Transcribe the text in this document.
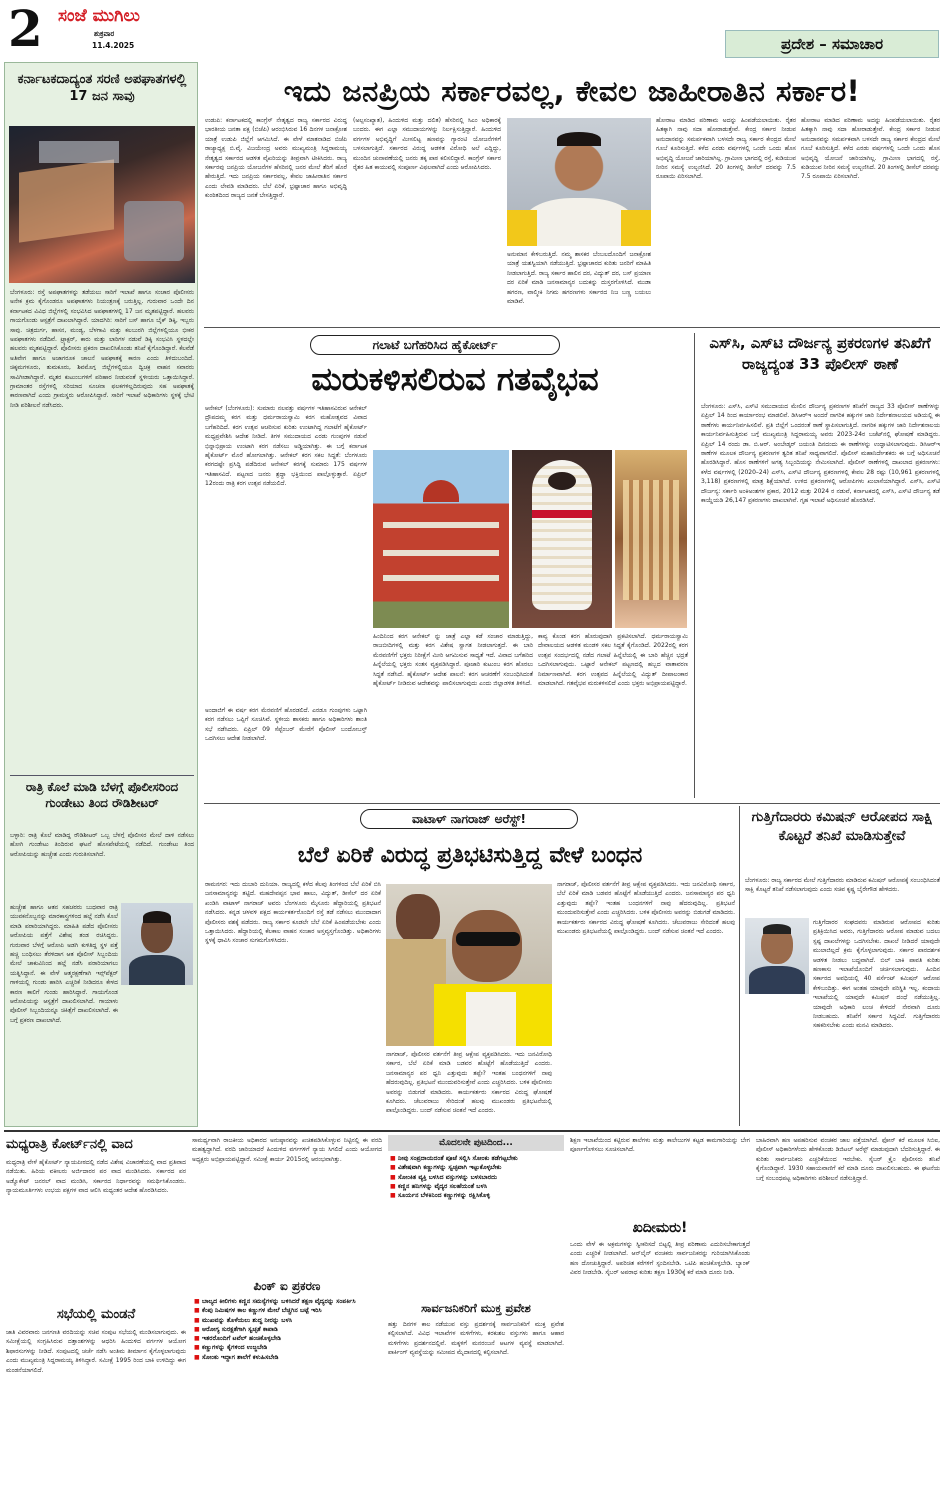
2 ಸಂಜೆ ಮುಗಿಲು
ಶುಕ್ರವಾರ
11.4.2025	ಪ್ರದೇಶ – ಸಮಾಚಾರ
ಕರ್ನಾಟಕದಾದ್ಯಂತ ಸರಣಿ ಅಪಘಾತಗಳಲ್ಲಿ 17 ಜನ ಸಾವು
ಬೆಂಗಳೂರು: ರಸ್ತೆ ಅಪಘಾತಗಳನ್ನು ತಡೆಯಲು ಸಾರಿಗೆ ಇಲಾಖೆ ಹಾಗೂ ಸಂಚಾರ ಪೊಲೀಸರು ಅನೇಕ ಕ್ರಮ ಕೈಗೊಂಡರೂ ಅಪಘಾತಗಳು ನಿಯಂತ್ರಣಕ್ಕೆ ಬರುತ್ತಿಲ್ಲ. ಗುರುವಾರ ಒಂದೇ ದಿನ ಕರ್ನಾಟಕದ ವಿವಿಧ ಜಿಲ್ಲೆಗಳಲ್ಲಿ ಸಂಭವಿಸಿದ ಅಪಘಾತಗಳಲ್ಲಿ 17 ಜನ ಮೃತಪಟ್ಟಿದ್ದಾರೆ. ಹಲವರು ಗಾಯಗೊಂಡು ಆಸ್ಪತ್ರೆಗೆ ದಾಖಲಾಗಿದ್ದಾರೆ. ಯಾದಗಿರಿ: ಸಾರಿಗೆ ಬಸ್ ಹಾಗೂ ಬೈಕ್ ಡಿಕ್ಕಿ, ಇಬ್ಬರು ಸಾವು. ಚಿತ್ರದುರ್ಗ, ಹಾಸನ, ಮಂಡ್ಯ, ಬೆಳಗಾವಿ ಮತ್ತು ಕಲಬುರಗಿ ಜಿಲ್ಲೆಗಳಲ್ಲಿಯೂ ಭೀಕರ ಅಪಘಾತಗಳು ನಡೆದಿವೆ. ಟ್ರ್ಯಾಕ್ಟರ್, ಕಾರು ಮತ್ತು ಲಾರಿಗಳ ನಡುವೆ ಡಿಕ್ಕಿ ಸಂಭವಿಸಿ ಸ್ಥಳದಲ್ಲೇ ಹಲವರು ಮೃತಪಟ್ಟಿದ್ದಾರೆ. ಪೊಲೀಸರು ಪ್ರಕರಣ ದಾಖಲಿಸಿಕೊಂಡು ತನಿಖೆ ಕೈಗೊಂಡಿದ್ದಾರೆ. ಕೆಲವೆಡೆ ಅತಿವೇಗ ಹಾಗೂ ಅಜಾಗರೂಕ ಚಾಲನೆ ಅಪಘಾತಕ್ಕೆ ಕಾರಣ ಎಂದು ತಿಳಿದುಬಂದಿದೆ. ಚಿಕ್ಕಮಗಳೂರು, ತುಮಕೂರು, ಶಿವಮೊಗ್ಗ ಜಿಲ್ಲೆಗಳಲ್ಲಿಯೂ ದ್ವಿಚಕ್ರ ವಾಹನ ಸವಾರರು ಸಾವಿಗೀಡಾಗಿದ್ದಾರೆ. ಮೃತರ ಕುಟುಂಬಗಳಿಗೆ ಪರಿಹಾರ ನೀಡುವಂತೆ ಸ್ಥಳೀಯರು ಒತ್ತಾಯಿಸಿದ್ದಾರೆ. ಗ್ರಾಮಾಂತರ ರಸ್ತೆಗಳಲ್ಲಿ ಸರಿಯಾದ ಸೂಚನಾ ಫಲಕಗಳಿಲ್ಲದಿರುವುದು ಸಹ ಅಪಘಾತಕ್ಕೆ ಕಾರಣವಾಗಿದೆ ಎಂದು ಗ್ರಾಮಸ್ಥರು ಆರೋಪಿಸಿದ್ದಾರೆ. ಸಾರಿಗೆ ಇಲಾಖೆ ಅಧಿಕಾರಿಗಳು ಸ್ಥಳಕ್ಕೆ ಭೇಟಿ ನೀಡಿ ಪರಿಶೀಲನೆ ನಡೆಸಿದರು.
ರಾತ್ರಿ ಕೊಲೆ ಮಾಡಿ ಬೆಳಗ್ಗೆ ಪೊಲೀಸರಿಂದ ಗುಂಡೇಟು ತಿಂದ ರೌಡಿಶೀಟರ್
ಬಳ್ಳಾರಿ: ರಾತ್ರಿ ಕೊಲೆ ಮಾಡಿದ್ದ ರೌಡಿಶೀಟರ್ ಒಬ್ಬ ಬೆಳಗ್ಗೆ ಪೊಲೀಸರ ಮೇಲೆ ದಾಳಿ ನಡೆಸಲು ಹೋಗಿ ಗುಂಡೇಟು ತಿಂದಿರುವ ಘಟನೆ ಹೊಸಪೇಟೆಯಲ್ಲಿ ನಡೆದಿದೆ. ಗುಂಡೇಟು ತಿಂದ ಆರೋಪಿಯನ್ನು ಹುಚ್ಚೇಶ ಎಂದು ಗುರುತಿಸಲಾಗಿದೆ.
ಹುಚ್ಚೇಶ ಹಾಗೂ ಆತನ ಸಹಚರರು ಬುಧವಾರ ರಾತ್ರಿ ಯುವಕನೊಬ್ಬನನ್ನು ಮಾರಕಾಸ್ತ್ರಗಳಿಂದ ಹಲ್ಲೆ ನಡೆಸಿ ಕೊಲೆ ಮಾಡಿ ಪರಾರಿಯಾಗಿದ್ದರು. ಮಾಹಿತಿ ಪಡೆದ ಪೊಲೀಸರು ಆರೋಪಿಯ ಪತ್ತೆಗೆ ವಿಶೇಷ ತಂಡ ರಚಿಸಿದ್ದರು. ಗುರುವಾರ ಬೆಳಗ್ಗೆ ಆರೋಪಿ ಅಡಗಿ ಕುಳಿತಿದ್ದ ಸ್ಥಳ ಪತ್ತೆ ಹಚ್ಚಿ ಬಂಧಿಸಲು ತೆರಳಿದಾಗ ಆತ ಪೊಲೀಸ್ ಸಿಬ್ಬಂದಿಯ ಮೇಲೆ ಚಾಕುವಿನಿಂದ ಹಲ್ಲೆ ನಡೆಸಿ ಪರಾರಿಯಾಗಲು ಯತ್ನಿಸಿದ್ದಾನೆ. ಈ ವೇಳೆ ಆತ್ಮರಕ್ಷಣೆಗಾಗಿ ಇನ್ಸ್‌ಪೆಕ್ಟರ್ ಗಾಳಿಯಲ್ಲಿ ಗುಂಡು ಹಾರಿಸಿ ಎಚ್ಚರಿಕೆ ನೀಡಿದರೂ ಕೇಳದ ಕಾರಣ ಕಾಲಿಗೆ ಗುಂಡು ಹಾರಿಸಿದ್ದಾರೆ. ಗಾಯಗೊಂಡ ಆರೋಪಿಯನ್ನು ಆಸ್ಪತ್ರೆಗೆ ದಾಖಲಿಸಲಾಗಿದೆ. ಗಾಯಾಳು ಪೊಲೀಸ್ ಸಿಬ್ಬಂದಿಯನ್ನೂ ಚಿಕಿತ್ಸೆಗೆ ದಾಖಲಿಸಲಾಗಿದೆ. ಈ ಬಗ್ಗೆ ಪ್ರಕರಣ ದಾಖಲಾಗಿದೆ.
ಇದು ಜನಪ್ರಿಯ ಸರ್ಕಾರವಲ್ಲ, ಕೇವಲ ಜಾಹೀರಾತಿನ ಸರ್ಕಾರ!
ಉಡುಪಿ: ಕರ್ನಾಟಕದಲ್ಲಿ ಕಾಂಗ್ರೆಸ್ ನೇತೃತ್ವದ ರಾಜ್ಯ ಸರ್ಕಾರದ ವಿರುದ್ಧ ಭಾರತೀಯ ಜನತಾ ಪಕ್ಷ (ಬಿಜೆಪಿ) ಆರಂಭಿಸಿರುವ 16 ದಿನಗಳ ಜನಾಕ್ರೋಶ ಯಾತ್ರೆ ಉಡುಪಿ ಜಿಲ್ಲೆಗೆ ಆಗಮಿಸಿದೆ. ಈ ವೇಳೆ ಮಾತನಾಡಿದ ಬಿಜೆಪಿ ರಾಜ್ಯಾಧ್ಯಕ್ಷ ಬಿ.ವೈ. ವಿಜಯೇಂದ್ರ ಅವರು ಮುಖ್ಯಮಂತ್ರಿ ಸಿದ್ದರಾಮಯ್ಯ ನೇತೃತ್ವದ ಸರ್ಕಾರದ ಆಡಳಿತ ವೈಖರಿಯನ್ನು ತೀವ್ರವಾಗಿ ಟೀಕಿಸಿದರು. ರಾಜ್ಯ ಸರ್ಕಾರವು ಜನಪ್ರಿಯ ಯೋಜನೆಗಳ ಹೆಸರಿನಲ್ಲಿ ಜನರ ಮೇಲೆ ತೆರಿಗೆ ಹೊರೆ ಹೇರುತ್ತಿದೆ. ಇದು ಜನಪ್ರಿಯ ಸರ್ಕಾರವಲ್ಲ, ಕೇವಲ ಜಾಹೀರಾತಿನ ಸರ್ಕಾರ ಎಂದು ಲೇವಡಿ ಮಾಡಿದರು. ಬೆಲೆ ಏರಿಕೆ, ಭ್ರಷ್ಟಾಚಾರ ಹಾಗೂ ಅಭಿವೃದ್ಧಿ ಕುಂಠಿತದಿಂದ ರಾಜ್ಯದ ಜನತೆ ಬೇಸತ್ತಿದ್ದಾರೆ.
(ಅಲ್ಪಸಂಖ್ಯಾತ), ಹಿಂದುಳಿದ ಮತ್ತು ದಲಿತ) ಹೆಸರಿನಲ್ಲಿ ಸಿಎಂ ಅಧಿಕಾರಕ್ಕೆ ಬಂದರು. ಈಗ ಎಲ್ಲಾ ಸಮುದಾಯಗಳನ್ನು ನಿರ್ಲಕ್ಷಿಸುತ್ತಿದ್ದಾರೆ. ಹಿಂದುಳಿದ ವರ್ಗಗಳ ಅಭಿವೃದ್ಧಿಗೆ ಮೀಸಲಿಟ್ಟ ಹಣವನ್ನು ಗ್ಯಾರಂಟಿ ಯೋಜನೆಗಳಿಗೆ ಬಳಸಲಾಗುತ್ತಿದೆ. ಸರ್ಕಾರದ ವಿರುದ್ಧ ಆಡಳಿತ ವಿರೋಧಿ ಅಲೆ ಎದ್ದಿದ್ದು, ಮುಂದಿನ ಚುನಾವಣೆಯಲ್ಲಿ ಜನರು ತಕ್ಕ ಪಾಠ ಕಲಿಸಲಿದ್ದಾರೆ. ಕಾಂಗ್ರೆಸ್ ಸರ್ಕಾರ ರೈತರ ಹಿತ ಕಾಯುವಲ್ಲಿ ಸಂಪೂರ್ಣ ವಿಫಲವಾಗಿದೆ ಎಂದು ಆರೋಪಿಸಿದರು.
ಅನುಮಾನ ಕೇಳಿಬರುತ್ತಿದೆ. ನಮ್ಮ ಶಾಸಕರ ಬೆಂಬಲದೊಂದಿಗೆ ಜನಾಕ್ರೋಶ ಯಾತ್ರೆ ಯಶಸ್ವಿಯಾಗಿ ನಡೆಯುತ್ತಿದೆ. ಭ್ರಷ್ಟಾಚಾರದ ಕುರಿತು ಜನರಿಗೆ ಮಾಹಿತಿ ನೀಡಲಾಗುತ್ತಿದೆ. ರಾಜ್ಯ ಸರ್ಕಾರ ಹಾಲಿನ ದರ, ವಿದ್ಯುತ್ ದರ, ಬಸ್ ಪ್ರಯಾಣ ದರ ಏರಿಕೆ ಮಾಡಿ ಜನಸಾಮಾನ್ಯರ ಬದುಕನ್ನು ದುಸ್ತರಗೊಳಿಸಿದೆ. ಮುಡಾ ಹಗರಣ, ವಾಲ್ಮೀಕಿ ನಿಗಮ ಹಗರಣಗಳು ಸರ್ಕಾರದ ನಿಜ ಬಣ್ಣ ಬಯಲು ಮಾಡಿವೆ.
ಹೋರಾಟ ಮಾಡಿದ ಪರಿಣಾಮ ಅದನ್ನು ಹಿಂಪಡೆಯಲಾಯಿತು. ರೈತರ ಹಿತಕ್ಕಾಗಿ ನಾವು ಸದಾ ಹೋರಾಡುತ್ತೇವೆ. ಕೇಂದ್ರ ಸರ್ಕಾರ ನೀಡುವ ಅನುದಾನವನ್ನು ಸಮರ್ಪಕವಾಗಿ ಬಳಸದೇ ರಾಜ್ಯ ಸರ್ಕಾರ ಕೇಂದ್ರದ ಮೇಲೆ ಗೂಬೆ ಕೂರಿಸುತ್ತಿದೆ. ಕಳೆದ ಎರಡು ವರ್ಷಗಳಲ್ಲಿ ಒಂದೇ ಒಂದು ಹೊಸ ಅಭಿವೃದ್ಧಿ ಯೋಜನೆ ಜಾರಿಯಾಗಿಲ್ಲ. ಗ್ರಾಮೀಣ ಭಾಗದಲ್ಲಿ ರಸ್ತೆ, ಕುಡಿಯುವ ನೀರಿನ ಸಮಸ್ಯೆ ಉಲ್ಬಣಿಸಿದೆ. 20 ತಿಂಗಳಲ್ಲಿ ಡೀಸೆಲ್ ದರವನ್ನು 7.5 ರೂಪಾಯಿ ಏರಿಸಲಾಗಿದೆ.
ಹೋರಾಟ ಮಾಡಿದ ಪರಿಣಾಮ ಅದನ್ನು ಹಿಂಪಡೆಯಲಾಯಿತು. ರೈತರ ಹಿತಕ್ಕಾಗಿ ನಾವು ಸದಾ ಹೋರಾಡುತ್ತೇವೆ. ಕೇಂದ್ರ ಸರ್ಕಾರ ನೀಡುವ ಅನುದಾನವನ್ನು ಸಮರ್ಪಕವಾಗಿ ಬಳಸದೇ ರಾಜ್ಯ ಸರ್ಕಾರ ಕೇಂದ್ರದ ಮೇಲೆ ಗೂಬೆ ಕೂರಿಸುತ್ತಿದೆ. ಕಳೆದ ಎರಡು ವರ್ಷಗಳಲ್ಲಿ ಒಂದೇ ಒಂದು ಹೊಸ ಅಭಿವೃದ್ಧಿ ಯೋಜನೆ ಜಾರಿಯಾಗಿಲ್ಲ. ಗ್ರಾಮೀಣ ಭಾಗದಲ್ಲಿ ರಸ್ತೆ, ಕುಡಿಯುವ ನೀರಿನ ಸಮಸ್ಯೆ ಉಲ್ಬಣಿಸಿದೆ. 20 ತಿಂಗಳಲ್ಲಿ ಡೀಸೆಲ್ ದರವನ್ನು 7.5 ರೂಪಾಯಿ ಏರಿಸಲಾಗಿದೆ.
ಗಲಾಟೆ ಬಗೆಹರಿಸಿದ ಹೈಕೋರ್ಟ್
ಮರುಕಳಿಸಲಿರುವ ಗತವೈಭವ
ಆನೇಕಲ್ (ಬೆಂಗಳೂರು): ಸುಮಾರು ನಲವತ್ತು ವರ್ಷಗಳ ಇತಿಹಾಸವಿರುವ ಆನೇಕಲ್ ದ್ರೌಪದಮ್ಮ ಕರಗ ಮತ್ತು ಧರ್ಮರಾಯಸ್ವಾಮಿ ಕರಗ ಮಹೋತ್ಸವದ ವಿವಾದ ಬಗೆಹರಿದಿದೆ. ಕರಗ ಉತ್ಸವ ಆಚರಿಸುವ ಕುರಿತು ಉಂಟಾಗಿದ್ದ ಗಲಾಟೆಗೆ ಹೈಕೋರ್ಟ್ ಮಧ್ಯಪ್ರವೇಶಿಸಿ ಆದೇಶ ನೀಡಿದೆ. ತಿಗಳ ಸಮುದಾಯದ ಎರಡು ಗುಂಪುಗಳ ನಡುವೆ ಭಿನ್ನಾಭಿಪ್ರಾಯ ಉಂಟಾಗಿ ಕರಗ ನಡೆಸಲು ಅಡ್ಡಿಯಾಗಿತ್ತು. ಈ ಬಗ್ಗೆ ಕರ್ನಾಟಕ ಹೈಕೋರ್ಟ್ ಮೊರೆ ಹೋಗಲಾಗಿತ್ತು. ಆನೇಕಲ್ ಕರಗ ಸಕಲ ಸಿದ್ಧತೆ: ಬೆಂಗಳೂರು ಕರಗದಷ್ಟೇ ಪ್ರಸಿದ್ಧಿ ಪಡೆದಿರುವ ಆನೇಕಲ್ ಕರಗಕ್ಕೆ ಸುಮಾರು 175 ವರ್ಷಗಳ ಇತಿಹಾಸವಿದೆ. ಪಟ್ಟಣದ ಜನರು ಶ್ರದ್ಧಾ ಭಕ್ತಿಯಿಂದ ಪಾಲ್ಗೊಳ್ಳುತ್ತಾರೆ. ಏಪ್ರಿಲ್ 12ರಂದು ರಾತ್ರಿ ಕರಗ ಉತ್ಸವ ನಡೆಯಲಿದೆ.
ಅಂದಾಜಿಗೆ ಈ ವರ್ಷ ಕರಗ ಮೆರವಣಿಗೆ ಹೊರಡಲಿದೆ. ಎರಡೂ ಗುಂಪುಗಳು ಒಟ್ಟಾಗಿ ಕರಗ ನಡೆಸಲು ಒಪ್ಪಿಗೆ ಸೂಚಿಸಿವೆ. ಸ್ಥಳೀಯ ಶಾಸಕರು ಹಾಗೂ ಅಧಿಕಾರಿಗಳು ಶಾಂತಿ ಸಭೆ ನಡೆಸಿದರು. ಏಪ್ರಿಲ್ 09 ಸೆಪ್ಟೆಂಬರ್ ಮೇರೆಗೆ ಪೊಲೀಸ್ ಬಂದೋಬಸ್ತ್ ಒದಗಿಸಲು ಆದೇಶ ನೀಡಲಾಗಿದೆ.
ಹಿಂದಿನಿಂದ ಕರಗ ಆನೇಕಲ್ ನ್ನು ಜಾತ್ರೆ ಎಲ್ಲಾ ಕಡೆ ಸಂಚಾರ ಮಾಡುತ್ತಿದ್ದು, ರಾಜಬೀದಿಗಳಲ್ಲಿ ಮತ್ತು ಕರಗ ವಿಶೇಷ ಸ್ವಾಗತ ನೀಡಲಾಗುತ್ತದೆ. ಈ ಬಾರಿ ಮೆರವಣಿಗೆಗೆ ಭಕ್ತರು ನಿರೀಕ್ಷೆಗೆ ಮೀರಿ ಆಗಮಿಸುವ ಸಾಧ್ಯತೆ ಇದೆ. ವಿವಾದ ಬಗೆಹರಿದ ಹಿನ್ನೆಲೆಯಲ್ಲಿ ಭಕ್ತರು ಸಂತಸ ವ್ಯಕ್ತಪಡಿಸಿದ್ದಾರೆ. ಪೂಜಾರಿ ಕುಟುಂಬ ಕರಗ ಹೊರಲು ಸಿದ್ಧತೆ ನಡೆಸಿದೆ. ಹೈಕೋರ್ಟ್ ಆದೇಶ ಪಾಲನೆ: ಕರಗ ಆಚರಣೆಗೆ ಸಂಬಂಧಿಸಿದಂತೆ ಹೈಕೋರ್ಟ್ ನೀಡಿರುವ ಆದೇಶವನ್ನು ಪಾಲಿಸಲಾಗುವುದು ಎಂದು ಜಿಲ್ಲಾಡಳಿತ ತಿಳಿಸಿದೆ.
ಕಾವ್ಯ ಕೊಂಡ ಕರಗ ಹೊರುವುದಾಗಿ ಪ್ರಕಟಿಸಲಾಗಿದೆ. ಧರ್ಮರಾಯಸ್ವಾಮಿ ದೇವಾಲಯದ ಆಡಳಿತ ಮಂಡಳಿ ಸಕಲ ಸಿದ್ಧತೆ ಕೈಗೊಂಡಿದೆ. 2022ರಲ್ಲಿ ಕರಗ ಉತ್ಸವ ಸಂದರ್ಭದಲ್ಲಿ ನಡೆದ ಗಲಾಟೆ ಹಿನ್ನೆಲೆಯಲ್ಲಿ ಈ ಬಾರಿ ಹೆಚ್ಚಿನ ಭದ್ರತೆ ಒದಗಿಸಲಾಗುವುದು. ಒಟ್ಟಾರೆ ಆನೇಕಲ್ ಪಟ್ಟಣದಲ್ಲಿ ಹಬ್ಬದ ವಾತಾವರಣ ನಿರ್ಮಾಣವಾಗಿದೆ. ಕರಗ ಉತ್ಸವದ ಹಿನ್ನೆಲೆಯಲ್ಲಿ ವಿದ್ಯುತ್ ದೀಪಾಲಂಕಾರ ಮಾಡಲಾಗಿದೆ. ಗತವೈಭವ ಮರುಕಳಿಸಲಿದೆ ಎಂದು ಭಕ್ತರು ಅಭಿಪ್ರಾಯಪಟ್ಟಿದ್ದಾರೆ.
ಎಸ್‌ಸಿ, ಎಸ್‌ಟಿ ದೌರ್ಜನ್ಯ ಪ್ರಕರಣಗಳ ತನಿಖೆಗೆ ರಾಜ್ಯದ್ಯಂತ 33 ಪೊಲೀಸ್ ಠಾಣೆ
ಬೆಂಗಳೂರು: ಎಸ್‌ಸಿ, ಎಸ್‌ಟಿ ಸಮುದಾಯದ ಮೇಲಿನ ದೌರ್ಜನ್ಯ ಪ್ರಕರಣಗಳ ತನಿಖೆಗೆ ರಾಜ್ಯದ 33 ಪೊಲೀಸ್ ಠಾಣೆಗಳನ್ನು ಏಪ್ರಿಲ್ 14 ರಿಂದ ಕಾರ್ಯಾರಂಭ ಮಾಡಲಿವೆ. ಡಿಸಿಆರ್‌ಇ ಅಂದರೆ ನಾಗರಿಕ ಹಕ್ಕುಗಳ ಜಾರಿ ನಿರ್ದೇಶನಾಲಯದ ಅಡಿಯಲ್ಲಿ ಈ ಠಾಣೆಗಳು ಕಾರ್ಯನಿರ್ವಹಿಸಲಿವೆ. ಪ್ರತಿ ಜಿಲ್ಲೆಗೆ ಒಂದರಂತೆ ಠಾಣೆ ಸ್ಥಾಪಿಸಲಾಗುತ್ತಿದೆ. ನಾಗರಿಕ ಹಕ್ಕುಗಳ ಜಾರಿ ನಿರ್ದೇಶನಾಲಯ ಕಾರ್ಯನಿರ್ವಹಿಸುತ್ತಿರುವ ಬಗ್ಗೆ ಮುಖ್ಯಮಂತ್ರಿ ಸಿದ್ದರಾಮಯ್ಯ ಅವರು 2023-24ರ ಬಜೆಟ್‌ನಲ್ಲಿ ಘೋಷಣೆ ಮಾಡಿದ್ದರು. ಏಪ್ರಿಲ್ 14 ರಂದು ಡಾ. ಬಿ.ಆರ್. ಅಂಬೇಡ್ಕರ್ ಜಯಂತಿ ದಿನದಂದು ಈ ಠಾಣೆಗಳನ್ನು ಉದ್ಘಾಟಿಸಲಾಗುವುದು. ಡಿಸಿಆರ್‌ಇ ಠಾಣೆಗಳ ಮೂಲಕ ದೌರ್ಜನ್ಯ ಪ್ರಕರಣಗಳ ತ್ವರಿತ ತನಿಖೆ ಸಾಧ್ಯವಾಗಲಿದೆ. ಪೊಲೀಸ್ ಮಹಾನಿರ್ದೇಶಕರು ಈ ಬಗ್ಗೆ ಅಧಿಸೂಚನೆ ಹೊರಡಿಸಿದ್ದಾರೆ. ಹೊಸ ಠಾಣೆಗಳಿಗೆ ಅಗತ್ಯ ಸಿಬ್ಬಂದಿಯನ್ನು ನೇಮಿಸಲಾಗಿದೆ. ಪೊಲೀಸ್ ಠಾಣೆಗಳಲ್ಲಿ ದಾಖಲಾದ ಪ್ರಕರಣಗಳು: ಕಳೆದ ವರ್ಷಗಳಲ್ಲಿ (2020–24) ಎಸ್‌ಸಿ, ಎಸ್‌ಟಿ ದೌರ್ಜನ್ಯ ಪ್ರಕರಣಗಳಲ್ಲಿ ಕೇವಲ 28 ರಷ್ಟು (10,961 ಪ್ರಕರಣಗಳಲ್ಲಿ 3,118) ಪ್ರಕರಣಗಳಲ್ಲಿ ಮಾತ್ರ ಶಿಕ್ಷೆಯಾಗಿದೆ. ಉಳಿದ ಪ್ರಕರಣಗಳಲ್ಲಿ ಆರೋಪಿಗಳು ಖುಲಾಸೆಯಾಗಿದ್ದಾರೆ. ಎಸ್‌ಸಿ, ಎಸ್‌ಟಿ ದೌರ್ಜನ್ಯ: ಸರ್ಕಾರಿ ಅಂಕಿಅಂಶಗಳ ಪ್ರಕಾರ, 2012 ಮತ್ತು 2024 ರ ನಡುವೆ, ಕರ್ನಾಟಕದಲ್ಲಿ ಎಸ್‌ಸಿ, ಎಸ್‌ಟಿ ದೌರ್ಜನ್ಯ ತಡೆ ಕಾಯ್ದೆಯಡಿ 26,147 ಪ್ರಕರಣಗಳು ದಾಖಲಾಗಿವೆ. ಗೃಹ ಇಲಾಖೆ ಅಧಿಸೂಚನೆ ಹೊರಡಿಸಿದೆ.
ವಾಟಾಳ್ ನಾಗರಾಜ್ ಅರೆಸ್ಟ್!
ಬೆಲೆ ಏರಿಕೆ ವಿರುದ್ಧ ಪ್ರತಿಭಟಿಸುತ್ತಿದ್ದ ವೇಳೆ ಬಂಧನ
ರಾಮನಗರ: ಇದು ದುಬಾರಿ ದುನಿಯಾ. ರಾಜ್ಯದಲ್ಲಿ ಕಳೆದ ಕೆಲವು ತಿಂಗಳಿಂದ ಬೆಲೆ ಏರಿಕೆ ಬಿಸಿ ಜನಸಾಮಾನ್ಯರನ್ನು ತಟ್ಟಿದೆ. ಮಹದೇವಪ್ಪನ ಭಾವ ಹಾಲು, ವಿದ್ಯುತ್, ಡೀಸೆಲ್ ದರ ಏರಿಕೆ ಖಂಡಿಸಿ ವಾಟಾಳ್ ನಾಗರಾಜ್ ಅವರು ಬೆಂಗಳೂರು ಮೈಸೂರು ಹೆದ್ದಾರಿಯಲ್ಲಿ ಪ್ರತಿಭಟನೆ ನಡೆಸಿದರು. ಕನ್ನಡ ಚಳವಳಿ ಪಕ್ಷದ ಕಾರ್ಯಕರ್ತರೊಂದಿಗೆ ರಸ್ತೆ ತಡೆ ನಡೆಸಲು ಮುಂದಾದಾಗ ಪೊಲೀಸರು ವಶಕ್ಕೆ ಪಡೆದರು. ರಾಜ್ಯ ಸರ್ಕಾರ ಕೂಡಲೇ ಬೆಲೆ ಏರಿಕೆ ಹಿಂಪಡೆಯಬೇಕು ಎಂದು ಒತ್ತಾಯಿಸಿದರು. ಹೆದ್ದಾರಿಯಲ್ಲಿ ಕೆಲಕಾಲ ವಾಹನ ಸಂಚಾರ ಅಸ್ತವ್ಯಸ್ತಗೊಂಡಿತ್ತು. ಅಧಿಕಾರಿಗಳು ಸ್ಥಳಕ್ಕೆ ಧಾವಿಸಿ ಸಂಚಾರ ಸುಗಮಗೊಳಿಸಿದರು.
ನಾಗರಾಜ್, ಪೊಲೀಸರ ವರ್ತನೆಗೆ ತೀವ್ರ ಆಕ್ಷೇಪ ವ್ಯಕ್ತಪಡಿಸಿದರು. ಇದು ಜನವಿರೋಧಿ ಸರ್ಕಾರ, ಬೆಲೆ ಏರಿಕೆ ಮಾಡಿ ಬಡವರ ಹೊಟ್ಟೆಗೆ ಹೊಡೆಯುತ್ತಿದೆ ಎಂದರು. ಜನಸಾಮಾನ್ಯರ ಪರ ಧ್ವನಿ ಎತ್ತುವುದು ತಪ್ಪೇ? ಇಂತಹ ಬಂಧನಗಳಿಗೆ ನಾವು ಹೆದರುವುದಿಲ್ಲ. ಪ್ರತಿಭಟನೆ ಮುಂದುವರಿಸುತ್ತೇವೆ ಎಂದು ಎಚ್ಚರಿಸಿದರು. ಬಳಿಕ ಪೊಲೀಸರು ಅವರನ್ನು ಬಿಡುಗಡೆ ಮಾಡಿದರು. ಕಾರ್ಯಕರ್ತರು ಸರ್ಕಾರದ ವಿರುದ್ಧ ಘೋಷಣೆ ಕೂಗಿದರು. ಚೆಲುವರಾಜು ಸೇರಿದಂತೆ ಹಲವು ಮುಖಂಡರು ಪ್ರತಿಭಟನೆಯಲ್ಲಿ ಪಾಲ್ಗೊಂಡಿದ್ದರು. ಬಂದ್ ನಡೆಸುವ ಚಿಂತನೆ ಇದೆ ಎಂದರು.
ನಾಗರಾಜ್, ಪೊಲೀಸರ ವರ್ತನೆಗೆ ತೀವ್ರ ಆಕ್ಷೇಪ ವ್ಯಕ್ತಪಡಿಸಿದರು. ಇದು ಜನವಿರೋಧಿ ಸರ್ಕಾರ, ಬೆಲೆ ಏರಿಕೆ ಮಾಡಿ ಬಡವರ ಹೊಟ್ಟೆಗೆ ಹೊಡೆಯುತ್ತಿದೆ ಎಂದರು. ಜನಸಾಮಾನ್ಯರ ಪರ ಧ್ವನಿ ಎತ್ತುವುದು ತಪ್ಪೇ? ಇಂತಹ ಬಂಧನಗಳಿಗೆ ನಾವು ಹೆದರುವುದಿಲ್ಲ. ಪ್ರತಿಭಟನೆ ಮುಂದುವರಿಸುತ್ತೇವೆ ಎಂದು ಎಚ್ಚರಿಸಿದರು. ಬಳಿಕ ಪೊಲೀಸರು ಅವರನ್ನು ಬಿಡುಗಡೆ ಮಾಡಿದರು. ಕಾರ್ಯಕರ್ತರು ಸರ್ಕಾರದ ವಿರುದ್ಧ ಘೋಷಣೆ ಕೂಗಿದರು. ಚೆಲುವರಾಜು ಸೇರಿದಂತೆ ಹಲವು ಮುಖಂಡರು ಪ್ರತಿಭಟನೆಯಲ್ಲಿ ಪಾಲ್ಗೊಂಡಿದ್ದರು. ಬಂದ್ ನಡೆಸುವ ಚಿಂತನೆ ಇದೆ ಎಂದರು.
ಗುತ್ತಿಗೆದಾರರು ಕಮಿಷನ್ ಆರೋಪದ ಸಾಕ್ಷಿ ಕೊಟ್ಟರೆ ತನಿಖೆ ಮಾಡಿಸುತ್ತೇವೆ
ಬೆಂಗಳೂರು: ರಾಜ್ಯ ಸರ್ಕಾರದ ಮೇಲೆ ಗುತ್ತಿಗೆದಾರರು ಮಾಡಿರುವ ಕಮಿಷನ್ ಆರೋಪಕ್ಕೆ ಸಂಬಂಧಿಸಿದಂತೆ ಸಾಕ್ಷಿ ಕೊಟ್ಟರೆ ತನಿಖೆ ನಡೆಸಲಾಗುವುದು ಎಂದು ಸಚಿವ ಕೃಷ್ಣ ಬೈರೇಗೌಡ ಹೇಳಿದರು.
ಗುತ್ತಿಗೆದಾರರ ಸಂಘದವರು ಮಾಡಿರುವ ಆರೋಪದ ಕುರಿತು ಪ್ರತಿಕ್ರಿಯಿಸಿದ ಅವರು, ಗುತ್ತಿಗೆದಾರರು ಆರೋಪ ಮಾಡುವ ಬದಲು ಸ್ಪಷ್ಟ ದಾಖಲೆಗಳನ್ನು ಒದಗಿಸಬೇಕು. ದಾಖಲೆ ನೀಡಿದರೆ ಯಾವುದೇ ಮುಲಾಜಿಲ್ಲದೆ ಕ್ರಮ ಕೈಗೊಳ್ಳಲಾಗುವುದು. ಸರ್ಕಾರ ಪಾರದರ್ಶಕ ಆಡಳಿತ ನೀಡಲು ಬದ್ಧವಾಗಿದೆ. ಬಿಲ್ ಬಾಕಿ ಪಾವತಿ ಕುರಿತು ಹಣಕಾಸು ಇಲಾಖೆಯೊಂದಿಗೆ ಚರ್ಚಿಸಲಾಗುವುದು. ಹಿಂದಿನ ಸರ್ಕಾರದ ಅವಧಿಯಲ್ಲಿ 40 ಪರ್ಸೆಂಟ್ ಕಮಿಷನ್ ಆರೋಪ ಕೇಳಿಬಂದಿತ್ತು. ಈಗ ಅಂತಹ ಯಾವುದೇ ಪರಿಸ್ಥಿತಿ ಇಲ್ಲ. ಕಂದಾಯ ಇಲಾಖೆಯಲ್ಲಿ ಯಾವುದೇ ಕಮಿಷನ್ ದಂಧೆ ನಡೆಯುತ್ತಿಲ್ಲ. ಯಾವುದೇ ಅಧಿಕಾರಿ ಲಂಚ ಕೇಳಿದರೆ ನೇರವಾಗಿ ದೂರು ನೀಡಬಹುದು. ತನಿಖೆಗೆ ಸರ್ಕಾರ ಸಿದ್ಧವಿದೆ. ಗುತ್ತಿಗೆದಾರರು ಸಹಕರಿಸಬೇಕು ಎಂದು ಮನವಿ ಮಾಡಿದರು.
ಮಧ್ಯರಾತ್ರಿ ಕೋರ್ಟ್‌ನಲ್ಲಿ ವಾದ
ಮಧ್ಯರಾತ್ರಿ ವೇಳೆ ಹೈಕೋರ್ಟ್ ನ್ಯಾಯಪೀಠದಲ್ಲಿ ನಡೆದ ವಿಶೇಷ ವಿಚಾರಣೆಯಲ್ಲಿ ವಾದ ಪ್ರತಿವಾದ ನಡೆಯಿತು. ಹಿರಿಯ ವಕೀಲರು ಅರ್ಜಿದಾರರ ಪರ ವಾದ ಮಂಡಿಸಿದರು. ಸರ್ಕಾರದ ಪರ ಅಡ್ವೊಕೇಟ್ ಜನರಲ್ ವಾದ ಮಂಡಿಸಿ, ಸರ್ಕಾರದ ನಿರ್ಧಾರವನ್ನು ಸಮರ್ಥಿಸಿಕೊಂಡರು. ನ್ಯಾಯಮೂರ್ತಿಗಳು ಉಭಯ ಪಕ್ಷಗಳ ವಾದ ಆಲಿಸಿ ಮಧ್ಯಂತರ ಆದೇಶ ಹೊರಡಿಸಿದರು.
ಸಭೆಯಲ್ಲಿ ಮಂಡನೆ
ಜಾತಿ ವಿವರವಾರು ಜನಗಣತಿ ವರದಿಯನ್ನು ಸಚಿವ ಸಂಪುಟ ಸಭೆಯಲ್ಲಿ ಮಂಡಿಸಲಾಗುವುದು. ಈ ಸಮೀಕ್ಷೆಯಲ್ಲಿ ಸಂಗ್ರಹಿಸಿರುವ ದತ್ತಾಂಶಗಳನ್ನು ಆಧರಿಸಿ ಹಿಂದುಳಿದ ವರ್ಗಗಳ ಆಯೋಗ ಶಿಫಾರಸುಗಳನ್ನು ನೀಡಿದೆ. ಸಂಪುಟದಲ್ಲಿ ಚರ್ಚೆ ನಡೆಸಿ ಅಂತಿಮ ತೀರ್ಮಾನ ಕೈಗೊಳ್ಳಲಾಗುವುದು ಎಂದು ಮುಖ್ಯಮಂತ್ರಿ ಸಿದ್ದರಾಮಯ್ಯ ತಿಳಿಸಿದ್ದಾರೆ. ಸಮೀಕ್ಷೆ 1995 ರಿಂದ ಬಾಕಿ ಉಳಿದಿದ್ದು ಈಗ ಮಂಡನೆಯಾಗಲಿದೆ.
ಸಾಮರ್ಥ್ಯವಾಗಿ ರಾಜಕೀಯ ಅಧಿಕಾರದ ಅನುಷ್ಠಾನವನ್ನು ಖಚಿತಪಡಿಸಿಕೊಳ್ಳುವ ನಿಟ್ಟಿನಲ್ಲಿ ಈ ವರದಿ ಮಹತ್ವದ್ದಾಗಿದೆ. ವರದಿ ಜಾರಿಯಾದರೆ ಹಿಂದುಳಿದ ವರ್ಗಗಳಿಗೆ ನ್ಯಾಯ ಸಿಗಲಿದೆ ಎಂದು ಆಯೋಗದ ಅಧ್ಯಕ್ಷರು ಅಭಿಪ್ರಾಯಪಟ್ಟಿದ್ದಾರೆ. ಸಮೀಕ್ಷೆ ಕಾರ್ಯ 2015ರಲ್ಲಿ ಆರಂಭವಾಗಿತ್ತು.
ಪಿಂಕ್ ಐ ಪ್ರಕರಣ
■ ಬಾಲ್ಯದ ಕೀಲಿಗಳು ಕಣ್ಣಿನ ಸಮಸ್ಯೆಗಳನ್ನು ಬಳಿಸಿದರೆ ತಕ್ಷಣ ವೈದ್ಯರನ್ನು ಸಂಪರ್ಕಿಸಿ
■ ಕೆಂಪು ನಿಮಿಷಗಳ ಕಾಲ ಕಣ್ಣುಗಳ ಮೇಲೆ ಬೆಚ್ಚಗಿನ ಬಟ್ಟೆ ಇರಿಸಿ
■ ಮುಖವನ್ನು ತೊಳೆಯಲು ಶುದ್ಧ ನೀರನ್ನು ಬಳಸಿ
■ ಆರೋಗ್ಯ ಸುರಕ್ಷತೆಗಾಗಿ ಸ್ವಚ್ಛತೆ ಕಾಪಾಡಿ
■ ಇತರರೊಂದಿಗೆ ಟವೆಲ್ ಹಂಚಿಕೊಳ್ಳಬೇಡಿ
■ ಕಣ್ಣುಗಳನ್ನು ಕೈಗಳಿಂದ ಉಜ್ಜಬೇಡಿ
■ ಸೋಂಕು ಇದ್ದಾಗ ಶಾಲೆಗೆ ಕಳುಹಿಸಬೇಡಿ
ಮೊದಲನೇ ಪುಟದಿಂದ...
■ ನೀವು ಸಂಪ್ರದಾಯದಂತೆ ಪೂಜೆ ಸಲ್ಲಿಸಿ ಸೋಂಕು ತಡೆಗಟ್ಟಬೇಕು
■ ವಿಶೇಷವಾಗಿ ಕಣ್ಣುಗಳನ್ನು ಸ್ವಚ್ಛವಾಗಿ ಇಟ್ಟುಕೊಳ್ಳಬೇಕು
■ ಸೋಂಕಿತ ವ್ಯಕ್ತಿ ಬಳಸಿದ ವಸ್ತುಗಳನ್ನು ಬಳಸಬಾರದು
■ ಕಣ್ಣಿನ ಹನಿಗಳನ್ನು ವೈದ್ಯರ ಸಲಹೆಯಂತೆ ಬಳಸಿ
■ ಸೂರ್ಯನ ಬೆಳಕಿನಿಂದ ಕಣ್ಣುಗಳನ್ನು ರಕ್ಷಿಸಿಕೊಳ್ಳಿ
ಸಾರ್ವಜನಿಕರಿಗೆ ಮುಕ್ತ ಪ್ರವೇಶ
ಹತ್ತು ದಿನಗಳ ಕಾಲ ನಡೆಯುವ ವಸ್ತು ಪ್ರದರ್ಶನಕ್ಕೆ ಸಾರ್ವಜನಿಕರಿಗೆ ಮುಕ್ತ ಪ್ರವೇಶ ಕಲ್ಪಿಸಲಾಗಿದೆ. ವಿವಿಧ ಇಲಾಖೆಗಳ ಮಳಿಗೆಗಳು, ಕರಕುಶಲ ವಸ್ತುಗಳು ಹಾಗೂ ಆಹಾರ ಮಳಿಗೆಗಳು ಪ್ರದರ್ಶನದಲ್ಲಿವೆ. ಮಕ್ಕಳಿಗೆ ಮನರಂಜನೆ ಆಟಗಳ ವ್ಯವಸ್ಥೆ ಮಾಡಲಾಗಿದೆ. ಪಾರ್ಕಿಂಗ್ ವ್ಯವಸ್ಥೆಯನ್ನು ಸಮೀಪದ ಮೈದಾನದಲ್ಲಿ ಕಲ್ಪಿಸಲಾಗಿದೆ.
ಶಿಕ್ಷಣ ಇಲಾಖೆಯಿಂದ ಕಟ್ಟಿರುವ ಶಾಲೆಗಳು ಮತ್ತು ಕಾಲೇಜುಗಳ ಕಟ್ಟಡ ಕಾಮಗಾರಿಯನ್ನು ಬೇಗ ಪೂರ್ಣಗೊಳಿಸಲು ಸೂಚಿಸಲಾಗಿದೆ.
ಖದೀಮರು!
ಒಂದು ವೇಳೆ ಈ ಅಕ್ರಮಗಳನ್ನು ಸ್ವೀಕರಿಸದೆ ಬಿಟ್ಟಲ್ಲಿ ತೀವ್ರ ಪರಿಣಾಮ ಎದುರಿಸಬೇಕಾಗುತ್ತದೆ ಎಂದು ಎಚ್ಚರಿಕೆ ನೀಡಲಾಗಿದೆ. ಆನ್‌ಲೈನ್ ವಂಚಕರು ಸಾರ್ವಜನಿಕರನ್ನು ಗುರಿಯಾಗಿಸಿಕೊಂಡು ಹಣ ದೋಚುತ್ತಿದ್ದಾರೆ. ಅಪರಿಚಿತ ಕರೆಗಳಿಗೆ ಸ್ಪಂದಿಸಬೇಡಿ. ಒಟಿಪಿ ಹಂಚಿಕೊಳ್ಳಬೇಡಿ. ಬ್ಯಾಂಕ್ ವಿವರ ನೀಡಬೇಡಿ. ಸೈಬರ್ ಅಪರಾಧ ಕುರಿತು ತಕ್ಷಣ 1930ಕ್ಕೆ ಕರೆ ಮಾಡಿ ದೂರು ನೀಡಿ.
ಬಾಹಿರವಾಗಿ ಹಣ ಅಪಹರಿಸುವ ವಂಚಕರ ಜಾಲ ಪತ್ತೆಯಾಗಿದೆ. ಫೋನ್ ಕರೆ ಮೂಲಕ ಸಿಬಿಐ, ಪೊಲೀಸ್ ಅಧಿಕಾರಿಗಳೆಂದು ಹೇಳಿಕೊಂಡು ಡಿಜಿಟಲ್ ಅರೆಸ್ಟ್ ಮಾಡುವುದಾಗಿ ಬೆದರಿಸುತ್ತಿದ್ದಾರೆ. ಈ ಕುರಿತು ಸಾರ್ವಜನಿಕರು ಎಚ್ಚರಿಕೆಯಿಂದ ಇರಬೇಕು. ಸೈಬರ್ ಕ್ರೈಂ ಪೊಲೀಸರು ತನಿಖೆ ಕೈಗೊಂಡಿದ್ದಾರೆ. 1930 ಸಹಾಯವಾಣಿಗೆ ಕರೆ ಮಾಡಿ ದೂರು ದಾಖಲಿಸಬಹುದು. ಈ ಘಟನೆಯ ಬಗ್ಗೆ ಸಂಬಂಧಪಟ್ಟ ಅಧಿಕಾರಿಗಳು ಪರಿಶೀಲನೆ ನಡೆಸುತ್ತಿದ್ದಾರೆ.
